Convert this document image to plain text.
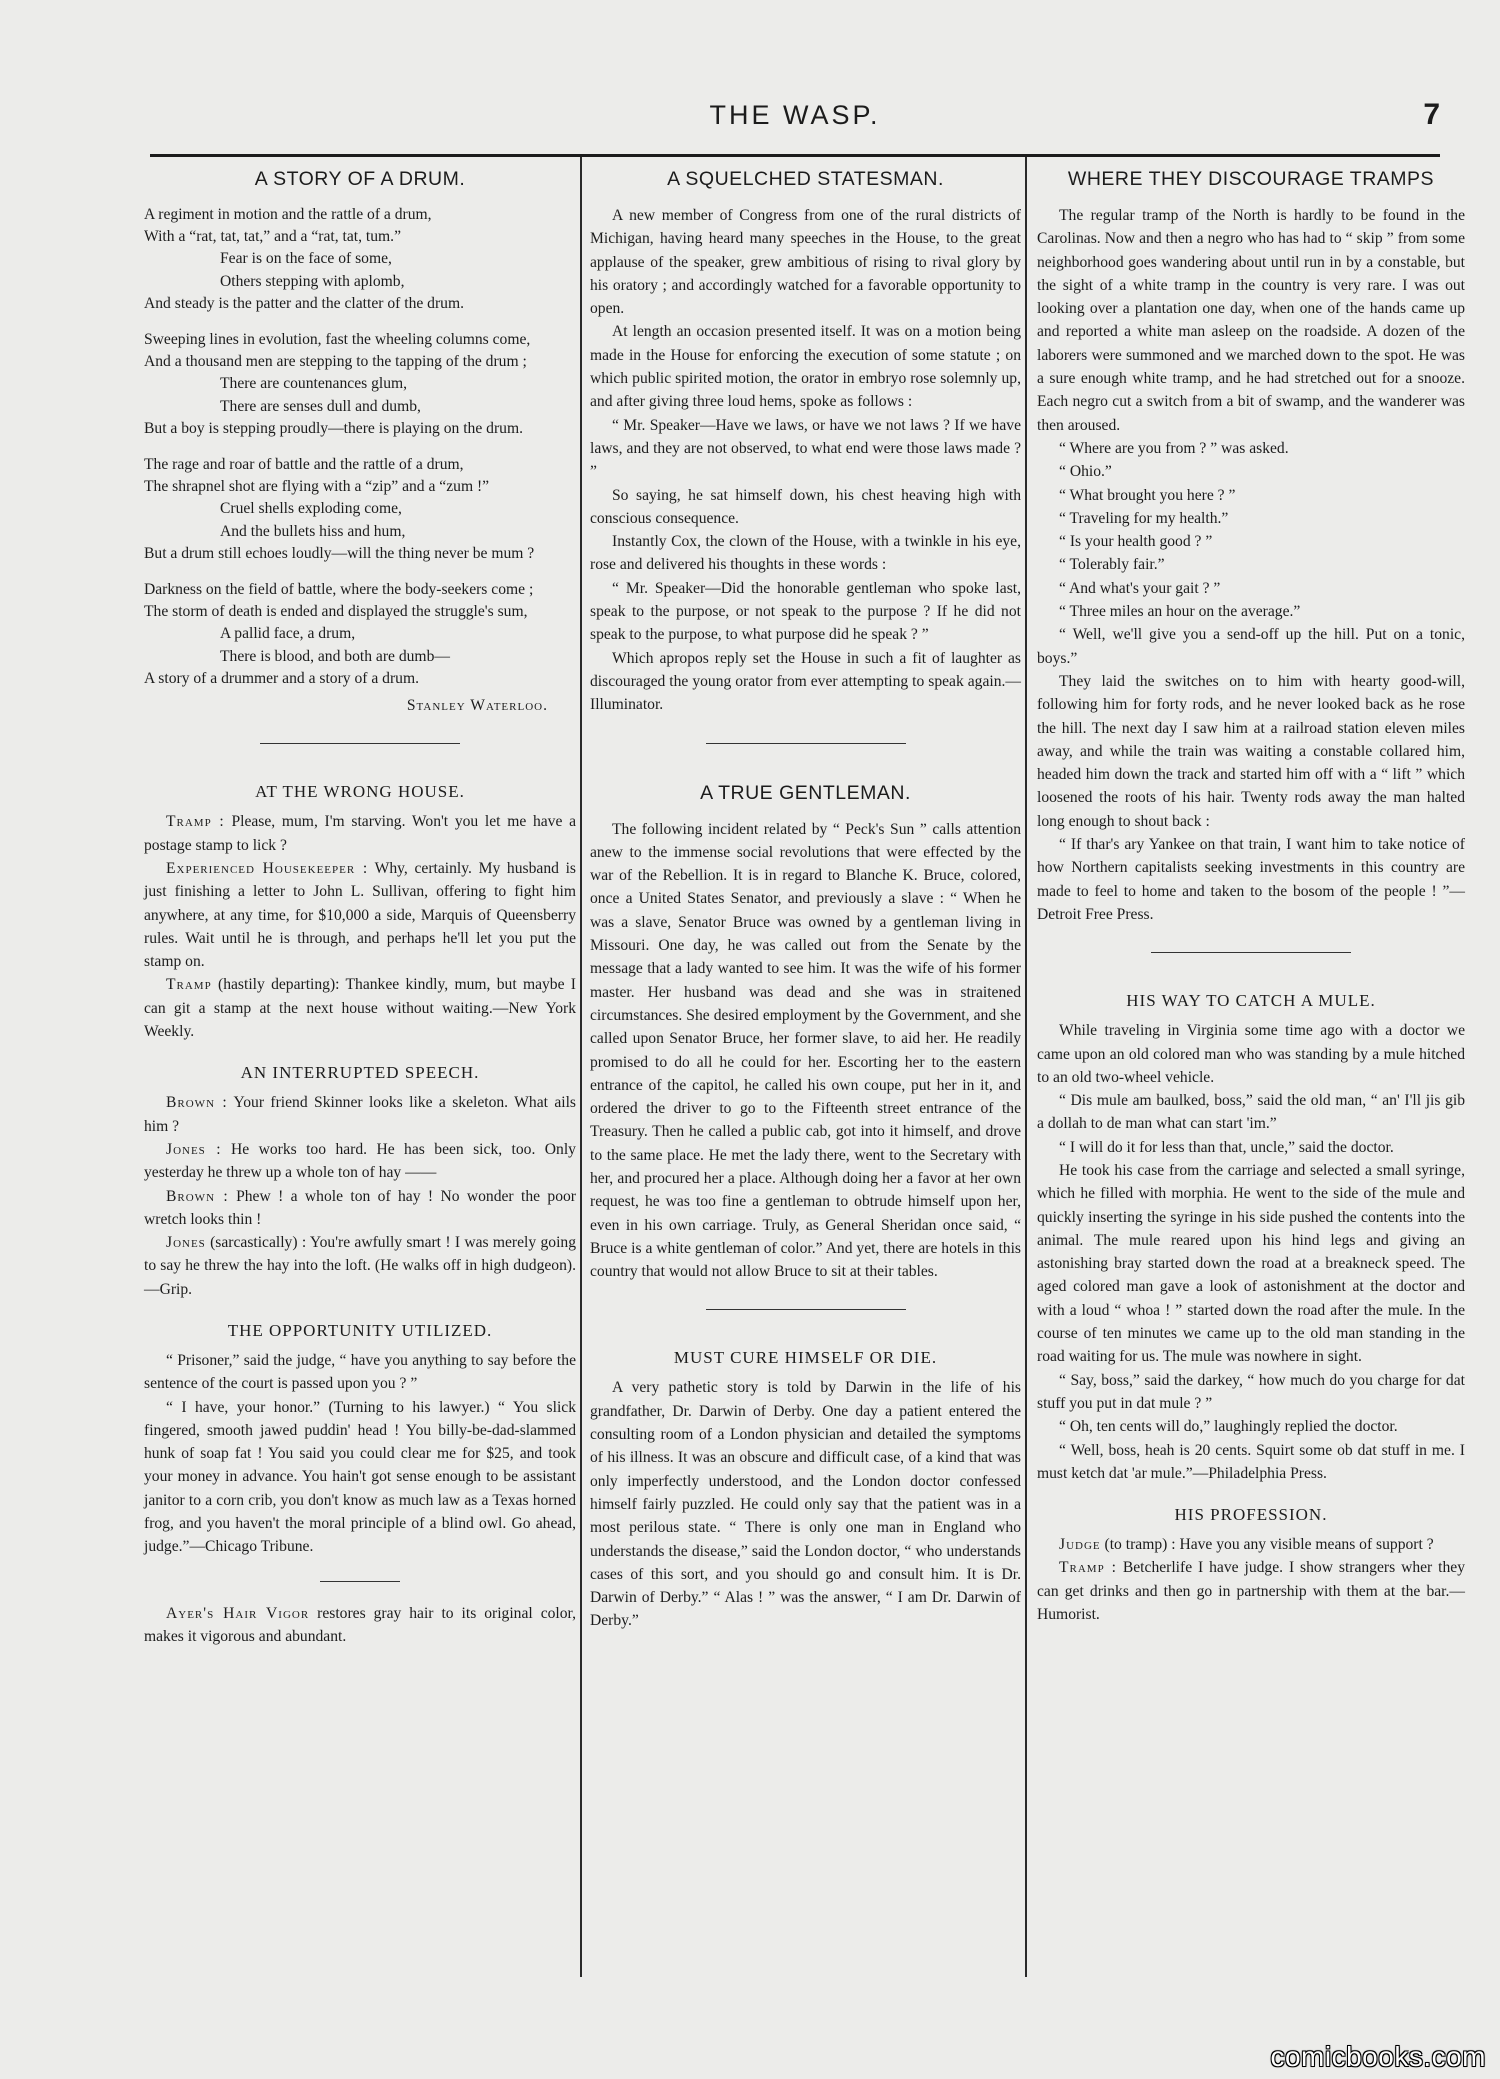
THE WASP.	7
A STORY OF A DRUM.
A regiment in motion and the rattle of a drum,
With a “rat, tat, tat,” and a “rat, tat, tum.”
Fear is on the face of some,
Others stepping with aplomb,
And steady is the patter and the clatter of the drum.
Sweeping lines in evolution, fast the wheeling columns come,
And a thousand men are stepping to the tapping of the drum ;
There are countenances glum,
There are senses dull and dumb,
But a boy is stepping proudly—there is playing on the drum.
The rage and roar of battle and the rattle of a drum,
The shrapnel shot are flying with a “zip” and a “zum !”
Cruel shells exploding come,
And the bullets hiss and hum,
But a drum still echoes loudly—will the thing never be mum ?
Darkness on the field of battle, where the body-seekers come ;
The storm of death is ended and displayed the struggle's sum,
A pallid face, a drum,
There is blood, and both are dumb—
A story of a drummer and a story of a drum.
Stanley Waterloo.
AT THE WRONG HOUSE.

Tramp : Please, mum, I'm starving. Won't you let me have a postage stamp to lick ?

Experienced Housekeeper : Why, certainly. My husband is just finishing a letter to John L. Sullivan, offering to fight him anywhere, at any time, for $10,000 a side, Marquis of Queensberry rules. Wait until he is through, and perhaps he'll let you put the stamp on.

Tramp (hastily departing): Thankee kindly, mum, but maybe I can git a stamp at the next house without waiting.—New York Weekly.

AN INTERRUPTED SPEECH.

Brown : Your friend Skinner looks like a skeleton. What ails him ?

Jones : He works too hard. He has been sick, too. Only yesterday he threw up a whole ton of hay ——

Brown : Phew ! a whole ton of hay ! No wonder the poor wretch looks thin !

Jones (sarcastically) : You're awfully smart ! I was merely going to say he threw the hay into the loft. (He walks off in high dudgeon).—Grip.

THE OPPORTUNITY UTILIZED.

“ Prisoner,” said the judge, “ have you anything to say before the sentence of the court is passed upon you ? ”

“ I have, your honor.” (Turning to his lawyer.) “ You slick fingered, smooth jawed puddin' head ! You billy-be-dad-slammed hunk of soap fat ! You said you could clear me for $25, and took your money in advance. You hain't got sense enough to be assistant janitor to a corn crib, you don't know as much law as a Texas horned frog, and you haven't the moral principle of a blind owl. Go ahead, judge.”—Chicago Tribune.

Ayer's Hair Vigor restores gray hair to its original color, makes it vigorous and abundant.

A SQUELCHED STATESMAN.

A new member of Congress from one of the rural districts of Michigan, having heard many speeches in the House, to the great applause of the speaker, grew ambitious of rising to rival glory by his oratory ; and accordingly watched for a favorable opportunity to open.

At length an occasion presented itself. It was on a motion being made in the House for enforcing the execution of some statute ; on which public spirited motion, the orator in embryo rose solemnly up, and after giving three loud hems, spoke as follows :

“ Mr. Speaker—Have we laws, or have we not laws ? If we have laws, and they are not observed, to what end were those laws made ? ”

So saying, he sat himself down, his chest heaving high with conscious consequence.

Instantly Cox, the clown of the House, with a twinkle in his eye, rose and delivered his thoughts in these words :

“ Mr. Speaker—Did the honorable gentleman who spoke last, speak to the purpose, or not speak to the purpose ? If he did not speak to the purpose, to what purpose did he speak ? ”

Which apropos reply set the House in such a fit of laughter as discouraged the young orator from ever attempting to speak again.—Illuminator.

A TRUE GENTLEMAN.

The following incident related by “ Peck's Sun ” calls attention anew to the immense social revolutions that were effected by the war of the Rebellion. It is in regard to Blanche K. Bruce, colored, once a United States Senator, and previously a slave : “ When he was a slave, Senator Bruce was owned by a gentleman living in Missouri. One day, he was called out from the Senate by the message that a lady wanted to see him. It was the wife of his former master. Her husband was dead and she was in straitened circumstances. She desired employment by the Government, and she called upon Senator Bruce, her former slave, to aid her. He readily promised to do all he could for her. Escorting her to the eastern entrance of the capitol, he called his own coupe, put her in it, and ordered the driver to go to the Fifteenth street entrance of the Treasury. Then he called a public cab, got into it himself, and drove to the same place. He met the lady there, went to the Secretary with her, and procured her a place. Although doing her a favor at her own request, he was too fine a gentleman to obtrude himself upon her, even in his own carriage. Truly, as General Sheridan once said, “ Bruce is a white gentleman of color.” And yet, there are hotels in this country that would not allow Bruce to sit at their tables.

MUST CURE HIMSELF OR DIE.

A very pathetic story is told by Darwin in the life of his grandfather, Dr. Darwin of Derby. One day a patient entered the consulting room of a London physician and detailed the symptoms of his illness. It was an obscure and difficult case, of a kind that was only imperfectly understood, and the London doctor confessed himself fairly puzzled. He could only say that the patient was in a most perilous state. “ There is only one man in England who understands the disease,” said the London doctor, “ who understands cases of this sort, and you should go and consult him. It is Dr. Darwin of Derby.” “ Alas ! ” was the answer, “ I am Dr. Darwin of Derby.”

WHERE THEY DISCOURAGE TRAMPS

The regular tramp of the North is hardly to be found in the Carolinas. Now and then a negro who has had to “ skip ” from some neighborhood goes wandering about until run in by a constable, but the sight of a white tramp in the country is very rare. I was out looking over a plantation one day, when one of the hands came up and reported a white man asleep on the roadside. A dozen of the laborers were summoned and we marched down to the spot. He was a sure enough white tramp, and he had stretched out for a snooze. Each negro cut a switch from a bit of swamp, and the wanderer was then aroused.

“ Where are you from ? ” was asked.

“ Ohio.”

“ What brought you here ? ”

“ Traveling for my health.”

“ Is your health good ? ”

“ Tolerably fair.”

“ And what's your gait ? ”

“ Three miles an hour on the average.”

“ Well, we'll give you a send-off up the hill. Put on a tonic, boys.”

They laid the switches on to him with hearty good-will, following him for forty rods, and he never looked back as he rose the hill. The next day I saw him at a railroad station eleven miles away, and while the train was waiting a constable collared him, headed him down the track and started him off with a “ lift ” which loosened the roots of his hair. Twenty rods away the man halted long enough to shout back :

“ If thar's ary Yankee on that train, I want him to take notice of how Northern capitalists seeking investments in this country are made to feel to home and taken to the bosom of the people ! ”—Detroit Free Press.

HIS WAY TO CATCH A MULE.

While traveling in Virginia some time ago with a doctor we came upon an old colored man who was standing by a mule hitched to an old two-wheel vehicle.

“ Dis mule am baulked, boss,” said the old man, “ an' I'll jis gib a dollah to de man what can start 'im.”

“ I will do it for less than that, uncle,” said the doctor.

He took his case from the carriage and selected a small syringe, which he filled with morphia. He went to the side of the mule and quickly inserting the syringe in his side pushed the contents into the animal. The mule reared upon his hind legs and giving an astonishing bray started down the road at a breakneck speed. The aged colored man gave a look of astonishment at the doctor and with a loud “ whoa ! ” started down the road after the mule. In the course of ten minutes we came up to the old man standing in the road waiting for us. The mule was nowhere in sight.

“ Say, boss,” said the darkey, “ how much do you charge for dat stuff you put in dat mule ? ”

“ Oh, ten cents will do,” laughingly replied the doctor.

“ Well, boss, heah is 20 cents. Squirt some ob dat stuff in me. I must ketch dat 'ar mule.”—Philadelphia Press.

HIS PROFESSION.

Judge (to tramp) : Have you any visible means of support ?

Tramp : Betcherlife I have judge. I show strangers wher they can get drinks and then go in partnership with them at the bar.—Humorist.

comicbooks.com
